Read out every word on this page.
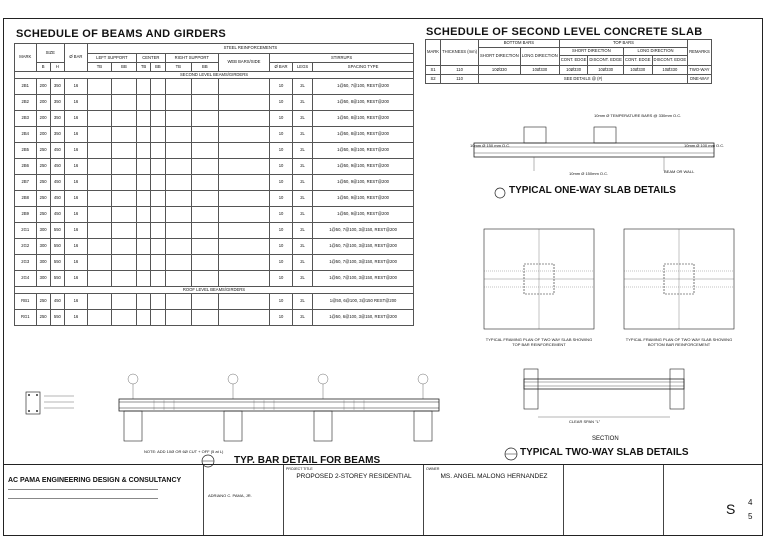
SCHEDULE OF BEAMS AND GIRDERS
MARK	SIZE		Ø BAR	STEEL REINFORCEMENTS									
				LEFT SUPPORT		CENTER		RIGHT SUPPORT		WEB BARS/SIDE	STIRRUPS		
	B	H		TB	BB	TB	BB	TB	BB		Ø BAR	LEGS	SPACING TYPE
SECOND LEVEL BEAMS/GIRDERS													
2B1	200	350	16								10	2L	1@50, 7@100, REST@200
2B2	200	350	16								10	2L	1@50, 8@100, REST@200
2B3	200	350	16								10	2L	1@50, 8@100, REST@200
2B4	200	350	16								10	2L	1@50, 8@100, REST@200
2B5	250	450	16								10	2L	1@50, 9@100, REST@200
2B6	250	450	16								10	2L	1@50, 9@100, REST@200
2B7	250	450	16								10	2L	1@50, 9@100, REST@200
2B8	250	450	16								10	2L	1@50, 9@100, REST@200
2B9	250	450	16								10	2L	1@50, 9@100, REST@200
2G1	300	550	16								10	2L	1@50, 7@100, 3@150, REST@200
2G2	300	550	16								10	2L	1@50, 7@100, 3@150, REST@200
2G3	300	550	16								10	2L	1@50, 7@100, 3@150, REST@200
2G4	300	550	16								10	2L	1@50, 7@100, 3@150, REST@200
ROOF LEVEL BEAMS/GIRDERS													
RB1	250	450	16								10	2L	1@50, 6@100, 3@150 REST@200
RG1	250	550	16								10	2L	1@50, 6@100, 3@150, REST@200
NOTE: ADD 10Ø OR 6Ø CUT + OFF (5 at L)
TYP. BAR DETAIL FOR BEAMS
SCHEDULE OF SECOND LEVEL CONCRETE SLAB
MARK	THICKNESS (mm)	BOTTOM BARS		TOP BARS				REMARKS
		SHORT DIRECTION	LONG DIRECTION	SHORT DIRECTION		LONG DIRECTION		
				CONT. EDGE	DISCONT. EDGE	CONT. EDGE	DISCONT. EDGE	
S1	110	10Ø330	10Ø330	10Ø330	10Ø330	10Ø330	10Ø330	TWO-WAY
S2	110	SEE DETAILS @ (#)						ONE-WAY
10mm Ø TEMPERATURE BARS @ 330mm O.C.
10mm Ø 150 mm O.C.	10mm Ø 100 mm O.C.
10mm Ø 150mm O.C.	BEAM OR WALL
TYPICAL ONE-WAY SLAB DETAILS
TYPICAL FRAMING PLAN OF TWO WAY SLAB SHOWING TOP BAR REINFORCEMENT
TYPICAL FRAMING PLAN OF TWO WAY SLAB SHOWING BOTTOM BAR REINFORCEMENT
CLEAR SPAN "L"
SECTION
TYPICAL TWO-WAY SLAB DETAILS
AC PAMA ENGINEERING DESIGN & CONSULTANCY
ADRIANO C. PAMA, JR.
PROJECT TITLE
PROPOSED 2-STOREY RESIDENTIAL
OWNER
MS. ANGEL MALONG HERNANDEZ
S 4
5
